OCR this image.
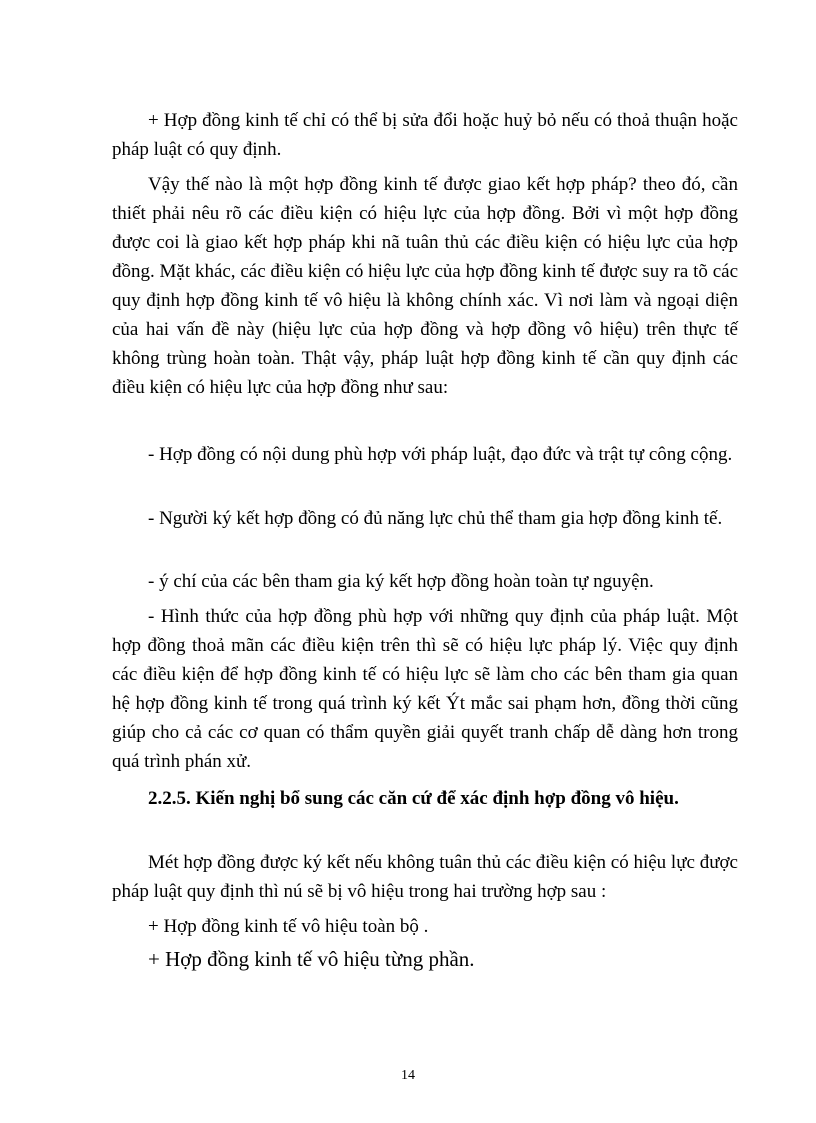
+ Hợp đồng kinh tế chỉ có thể bị sửa đổi hoặc huỷ bỏ nếu có thoả thuận hoặc pháp luật có quy định.

Vậy thế nào là một hợp đồng kinh tế được giao kết hợp pháp? theo đó, cần thiết phải nêu rõ các điều kiện có hiệu lực của hợp đồng. Bởi vì một hợp đồng được coi là giao kết hợp pháp khi nã tuân thủ các điều kiện có hiệu lực của hợp đồng. Mặt khác, các điều kiện có hiệu lực của hợp đồng kinh tế được suy ra tõ các quy định hợp đồng kinh tế vô hiệu là không chính xác. Vì nơi làm và ngoại diện của hai vấn đề này (hiệu lực của hợp đồng và hợp đồng vô hiệu) trên thực tế không trùng hoàn toàn. Thật vậy, pháp luật hợp đồng kinh tế cần quy định các điều kiện có hiệu lực của hợp đồng như sau:

- Hợp đồng có nội dung phù hợp với pháp luật, đạo đức và trật tự công cộng.

- Người ký kết hợp đồng có đủ năng lực chủ thể tham gia hợp đồng kinh tế.

- ý chí của các bên tham gia ký kết hợp đồng hoàn toàn tự nguyện.

- Hình thức của hợp đồng phù hợp với những quy định của pháp luật. Một hợp đồng thoả mãn các điều kiện trên thì sẽ có hiệu lực pháp lý. Việc quy định các điều kiện để hợp đồng kinh tế có hiệu lực sẽ làm cho các bên tham gia quan hệ hợp đồng kinh tế trong quá trình ký kết Ýt mắc sai phạm hơn, đồng thời cũng giúp cho cả các cơ quan có thẩm quyền giải quyết tranh chấp dễ dàng hơn trong quá trình phán xử.

2.2.5. Kiến nghị bổ sung các căn cứ để xác định hợp đồng vô hiệu.

Mét hợp đồng được ký kết nếu không tuân thủ các điều kiện có hiệu lực được pháp luật quy định thì nú sẽ bị vô hiệu trong hai trường hợp sau :

+ Hợp đồng kinh tế vô hiệu toàn bộ .

+ Hợp đồng kinh tế vô hiệu từng phần.

14
